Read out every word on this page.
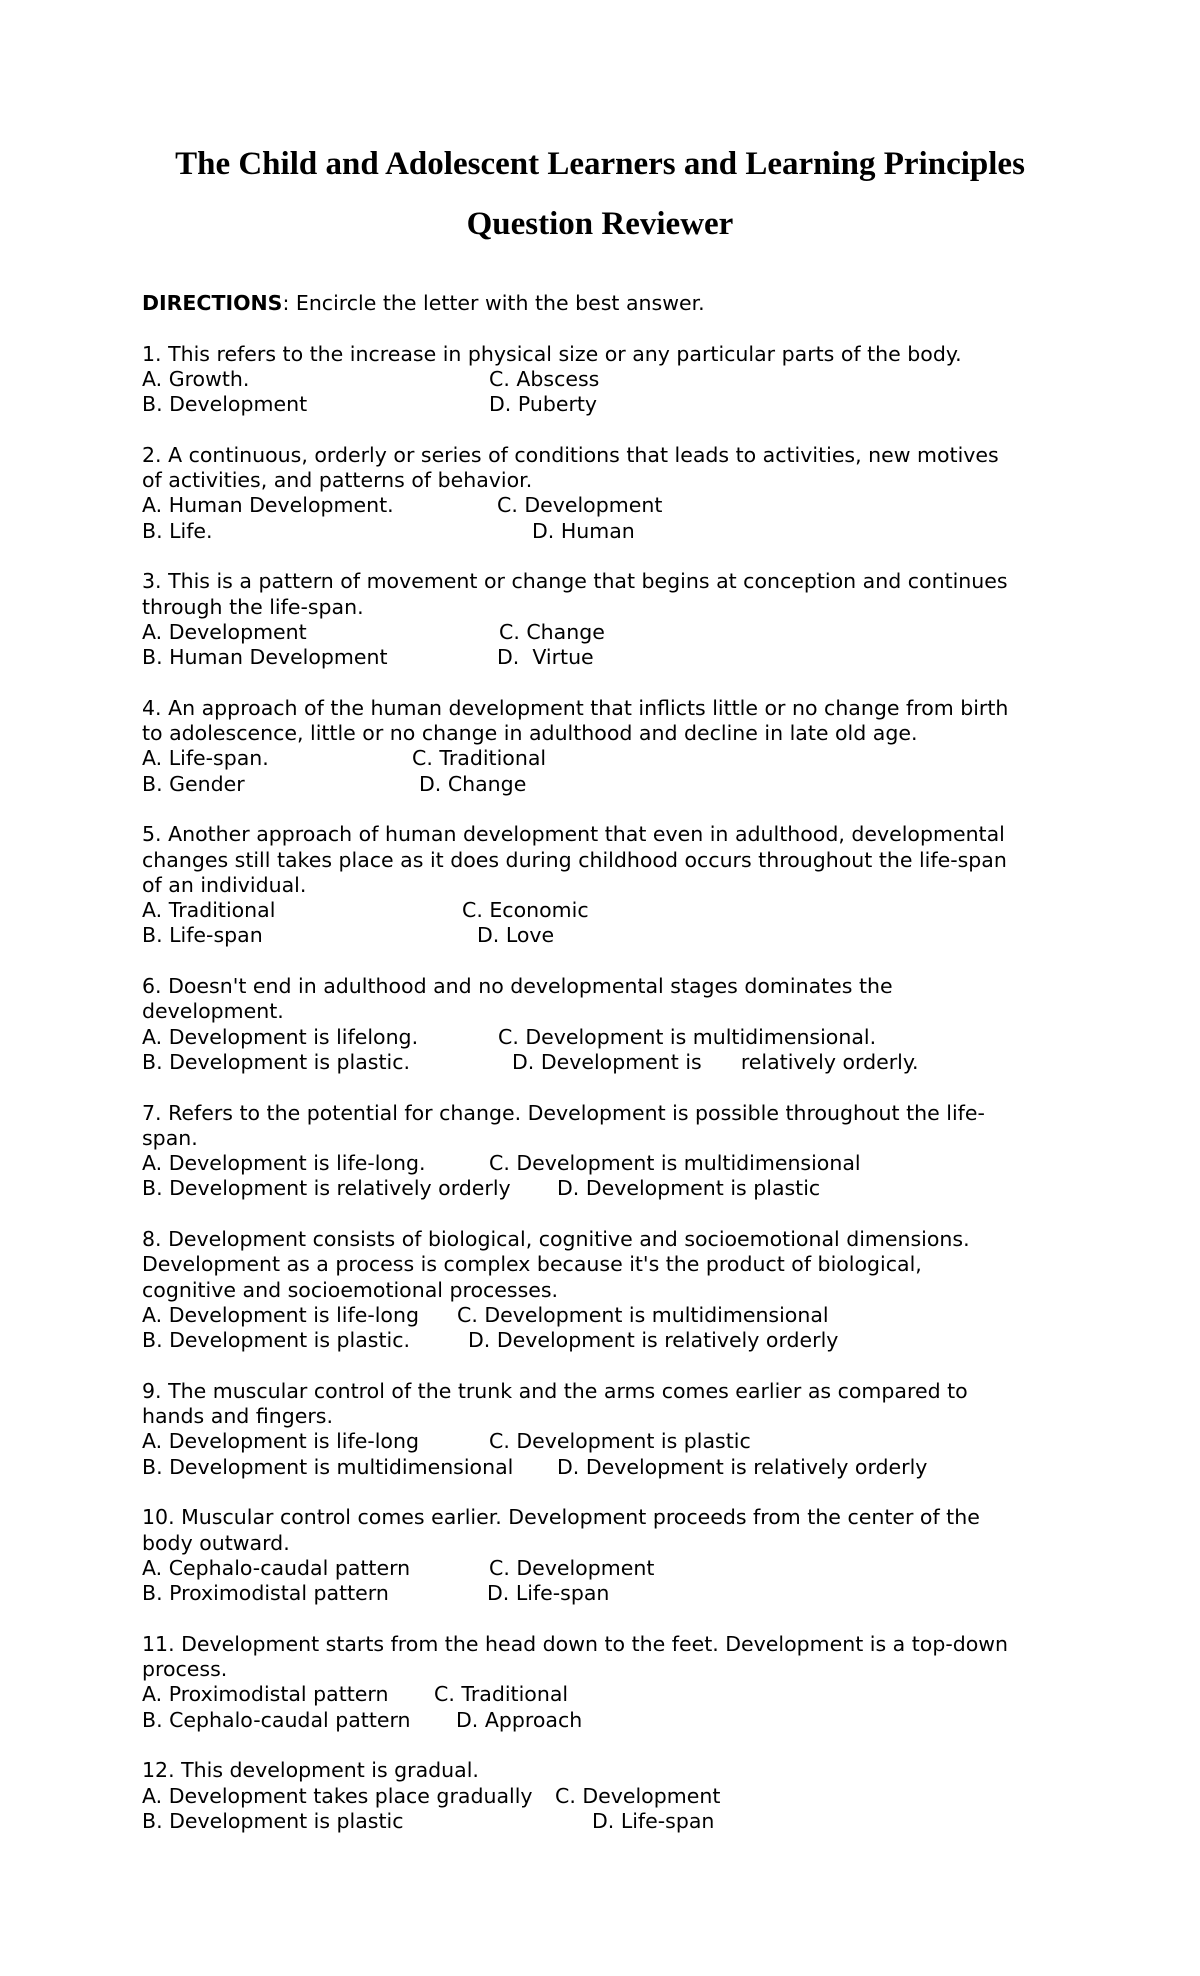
The Child and Adolescent Learners and Learning Principles
Question Reviewer

DIRECTIONS: Encircle the letter with the best answer.

1. This refers to the increase in physical size or any particular parts of the body.

A. Growth.	C. Abscess
B. Development	D. Puberty

2. A continuous, orderly or series of conditions that leads to activities, new motives

of activities, and patterns of behavior.

A. Human Development.	C. Development
B. Life.	D. Human

3. This is a pattern of movement or change that begins at conception and continues

through the life-span.

A. Development	C. Change
B. Human Development	D.  Virtue

4. An approach of the human development that inflicts little or no change from birth

to adolescence, little or no change in adulthood and decline in late old age.

A. Life-span.	C. Traditional
B. Gender	D. Change

5. Another approach of human development that even in adulthood, developmental

changes still takes place as it does during childhood occurs throughout the life-span

of an individual.

A. Traditional	C. Economic
B. Life-span	D. Love

6. Doesn't end in adulthood and no developmental stages dominates the

development.

A. Development is lifelong.	C. Development is multidimensional.
B. Development is plastic.	D. Development is      relatively orderly.

7. Refers to the potential for change. Development is possible throughout the life-

span.

A. Development is life-long.	C. Development is multidimensional
B. Development is relatively orderly	D. Development is plastic

8. Development consists of biological, cognitive and socioemotional dimensions.

Development as a process is complex because it's the product of biological,

cognitive and socioemotional processes.

A. Development is life-long	C. Development is multidimensional
B. Development is plastic.	D. Development is relatively orderly

9. The muscular control of the trunk and the arms comes earlier as compared to

hands and fingers.

A. Development is life-long	C. Development is plastic
B. Development is multidimensional	D. Development is relatively orderly

10. Muscular control comes earlier. Development proceeds from the center of the

body outward.

A. Cephalo-caudal pattern	C. Development
B. Proximodistal pattern	D. Life-span

11. Development starts from the head down to the feet. Development is a top-down

process.

A. Proximodistal pattern	C. Traditional
B. Cephalo-caudal pattern	D. Approach

12. This development is gradual.

A. Development takes place gradually	C. Development
B. Development is plastic	D. Life-span
